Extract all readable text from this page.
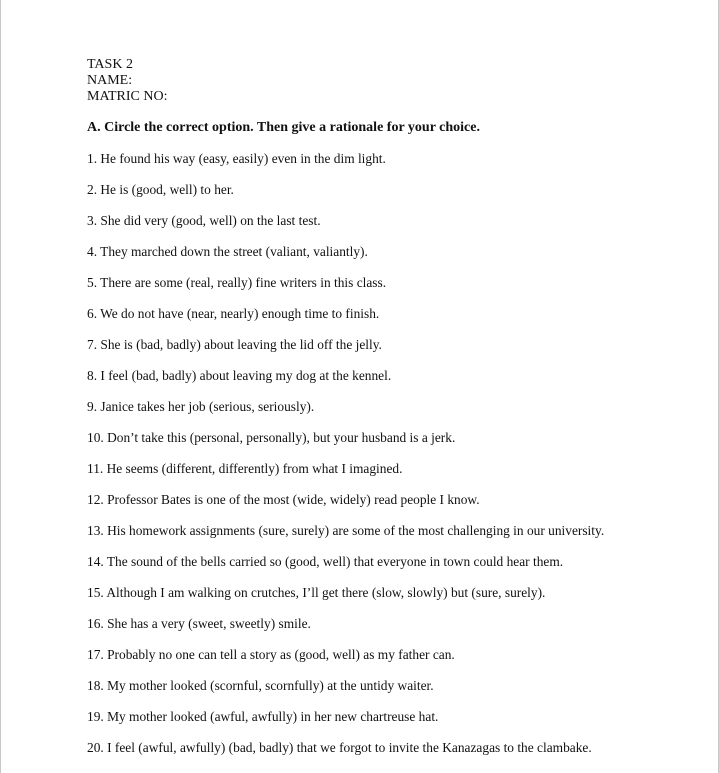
TASK 2

NAME:

MATRIC NO:

A. Circle the correct option. Then give a rationale for your choice.
1. He found his way (easy, easily) even in the dim light.
2. He is (good, well) to her.
3. She did very (good, well) on the last test.
4. They marched down the street (valiant, valiantly).
5. There are some (real, really) fine writers in this class.
6. We do not have (near, nearly) enough time to finish.
7. She is (bad, badly) about leaving the lid off the jelly.
8. I feel (bad, badly) about leaving my dog at the kennel.
9. Janice takes her job (serious, seriously).
10. Don’t take this (personal, personally), but your husband is a jerk.
11. He seems (different, differently) from what I imagined.
12. Professor Bates is one of the most (wide, widely) read people I know.
13. His homework assignments (sure, surely) are some of the most challenging in our university.
14. The sound of the bells carried so (good, well) that everyone in town could hear them.
15. Although I am walking on crutches, I’ll get there (slow, slowly) but (sure, surely).
16. She has a very (sweet, sweetly) smile.
17. Probably no one can tell a story as (good, well) as my father can.
18. My mother looked (scornful, scornfully) at the untidy waiter.
19. My mother looked (awful, awfully) in her new chartreuse hat.
20. I feel (awful, awfully) (bad, badly) that we forgot to invite the Kanazagas to the clambake.
